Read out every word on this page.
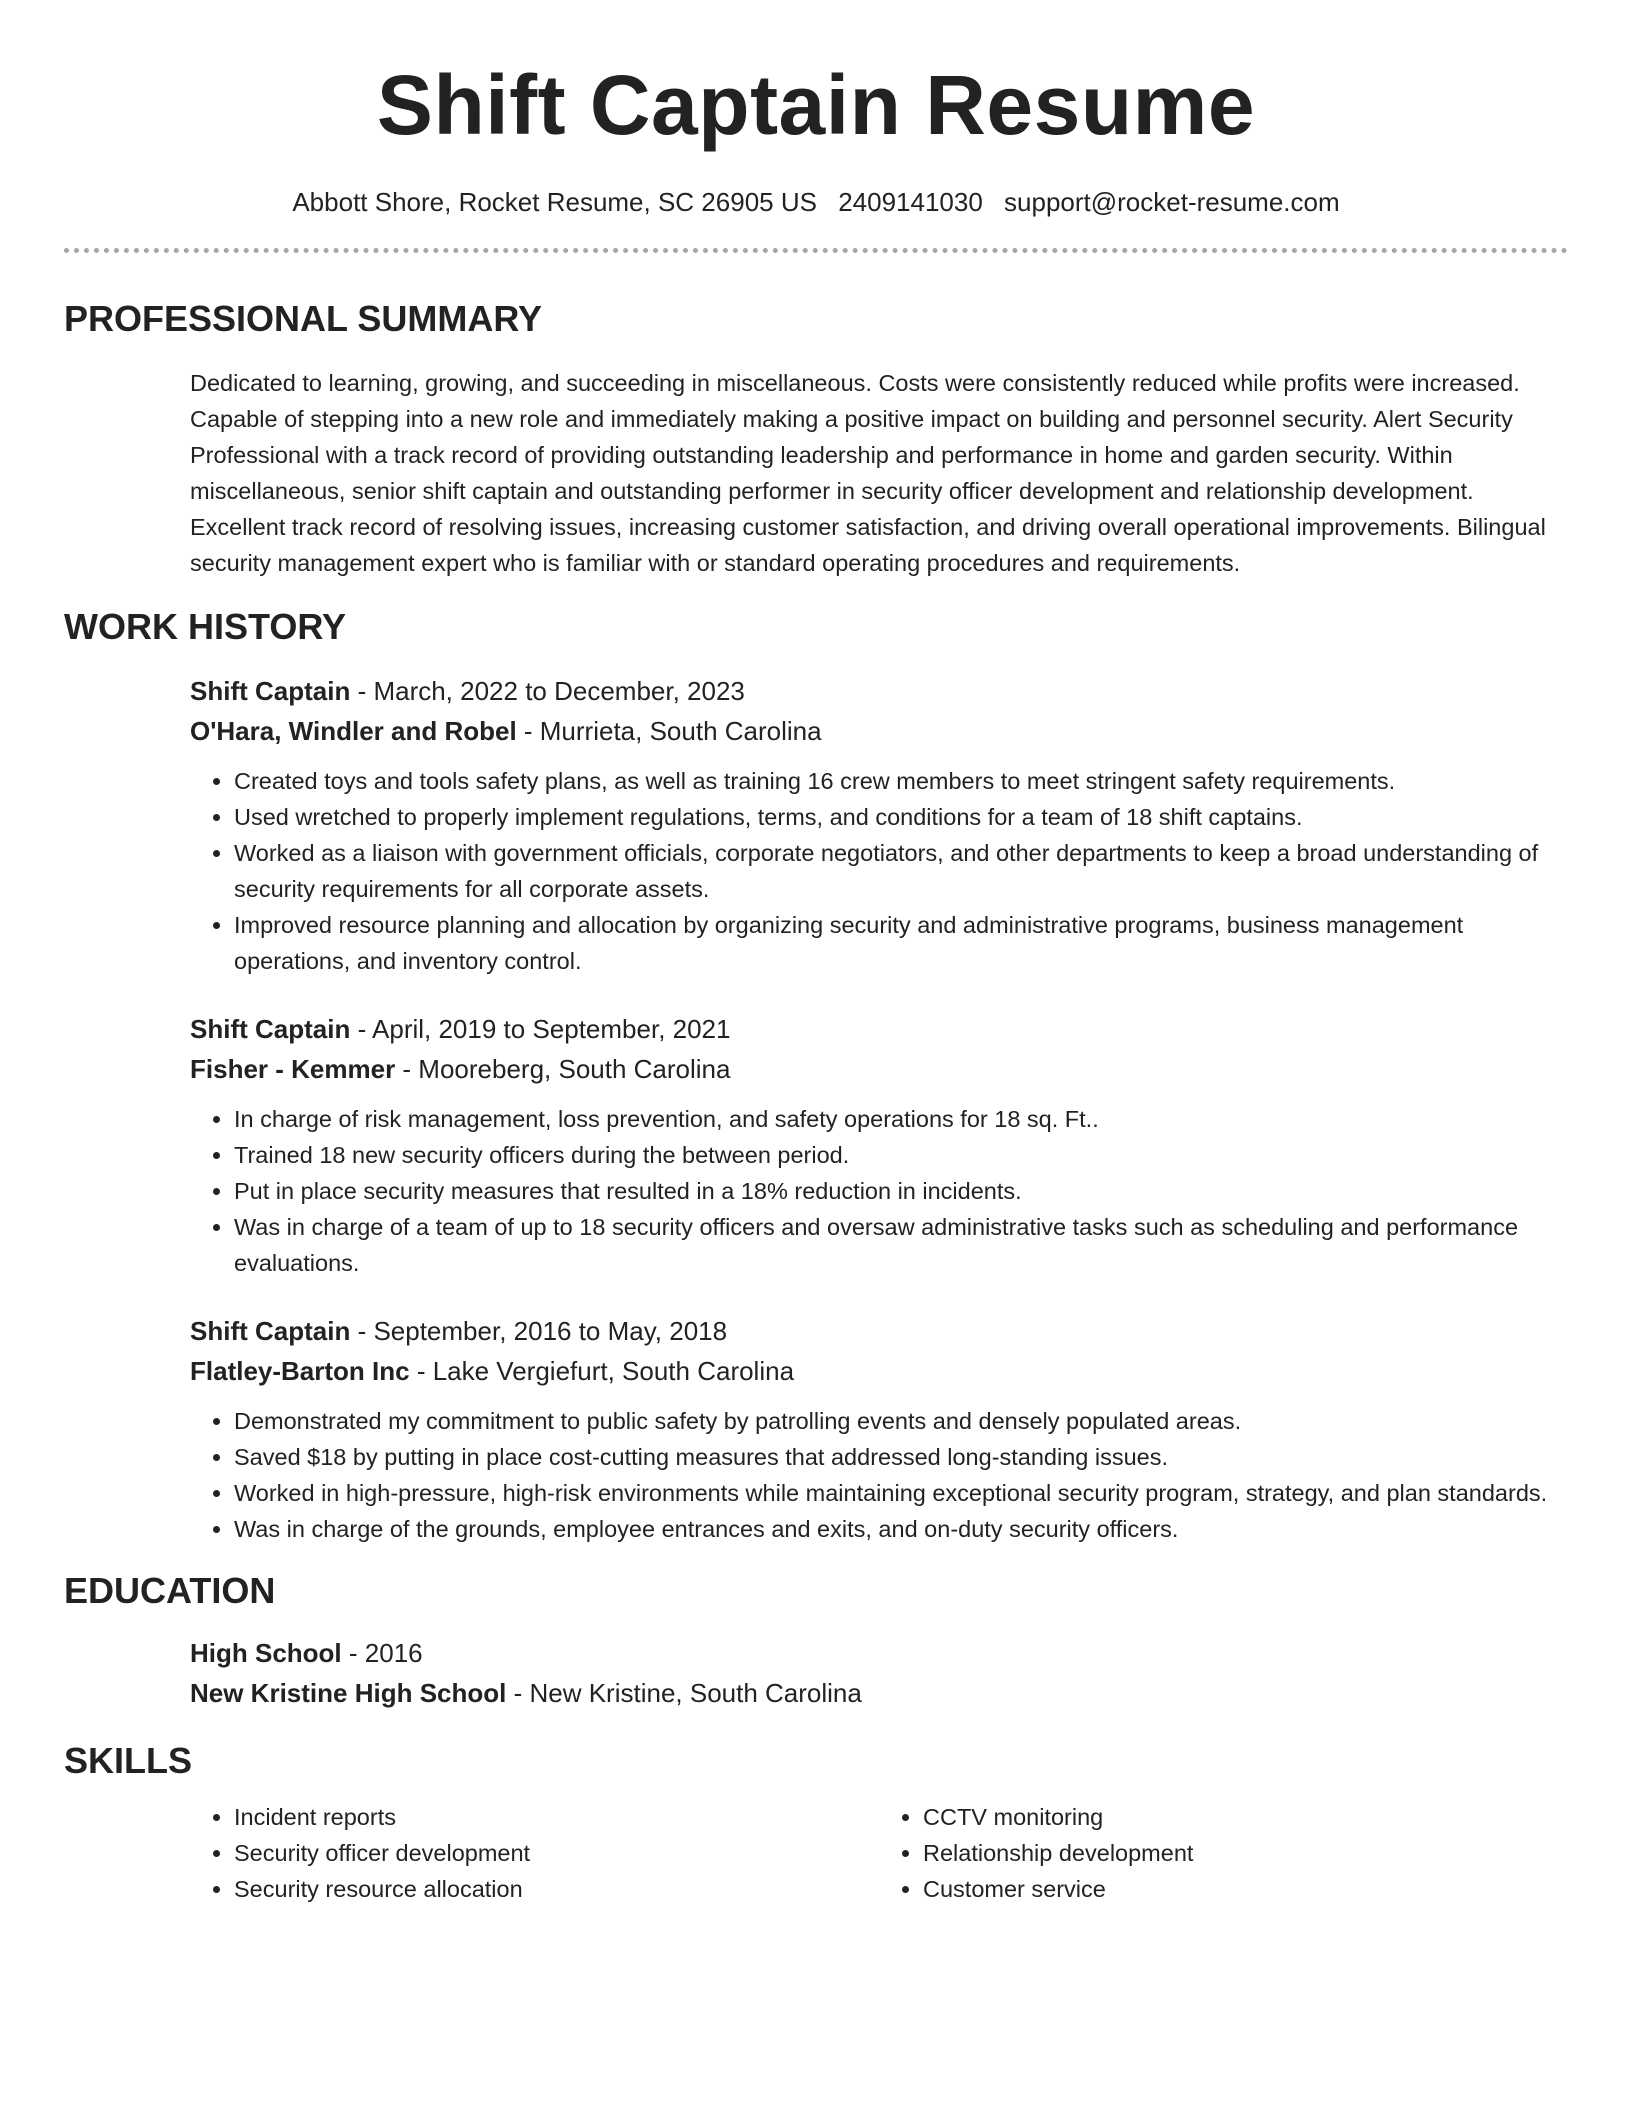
Shift Captain Resume
Abbott Shore, Rocket Resume, SC 26905 US 2409141030 support@rocket-resume.com
PROFESSIONAL SUMMARY

Dedicated to learning, growing, and succeeding in miscellaneous. Costs were consistently reduced while profits were increased. Capable of stepping into a new role and immediately making a positive impact on building and personnel security. Alert Security Professional with a track record of providing outstanding leadership and performance in home and garden security. Within miscellaneous, senior shift captain and outstanding performer in security officer development and relationship development. Excellent track record of resolving issues, increasing customer satisfaction, and driving overall operational improvements. Bilingual security management expert who is familiar with or standard operating procedures and requirements.

WORK HISTORY
Shift Captain - March, 2022 to December, 2023
O'Hara, Windler and Robel - Murrieta, South Carolina
• Created toys and tools safety plans, as well as training 16 crew members to meet stringent safety requirements.
• Used wretched to properly implement regulations, terms, and conditions for a team of 18 shift captains.
• Worked as a liaison with government officials, corporate negotiators, and other departments to keep a broad understanding of security requirements for all corporate assets.
• Improved resource planning and allocation by organizing security and administrative programs, business management operations, and inventory control.
Shift Captain - April, 2019 to September, 2021
Fisher - Kemmer - Mooreberg, South Carolina
• In charge of risk management, loss prevention, and safety operations for 18 sq. Ft..
• Trained 18 new security officers during the between period.
• Put in place security measures that resulted in a 18% reduction in incidents.
• Was in charge of a team of up to 18 security officers and oversaw administrative tasks such as scheduling and performance evaluations.
Shift Captain - September, 2016 to May, 2018
Flatley-Barton Inc - Lake Vergiefurt, South Carolina
• Demonstrated my commitment to public safety by patrolling events and densely populated areas.
• Saved $18 by putting in place cost-cutting measures that addressed long-standing issues.
• Worked in high-pressure, high-risk environments while maintaining exceptional security program, strategy, and plan standards.
• Was in charge of the grounds, employee entrances and exits, and on-duty security officers.
EDUCATION
High School - 2016
New Kristine High School - New Kristine, South Carolina
SKILLS
• Incident reports
• Security officer development
• Security resource allocation
• CCTV monitoring
• Relationship development
• Customer service
